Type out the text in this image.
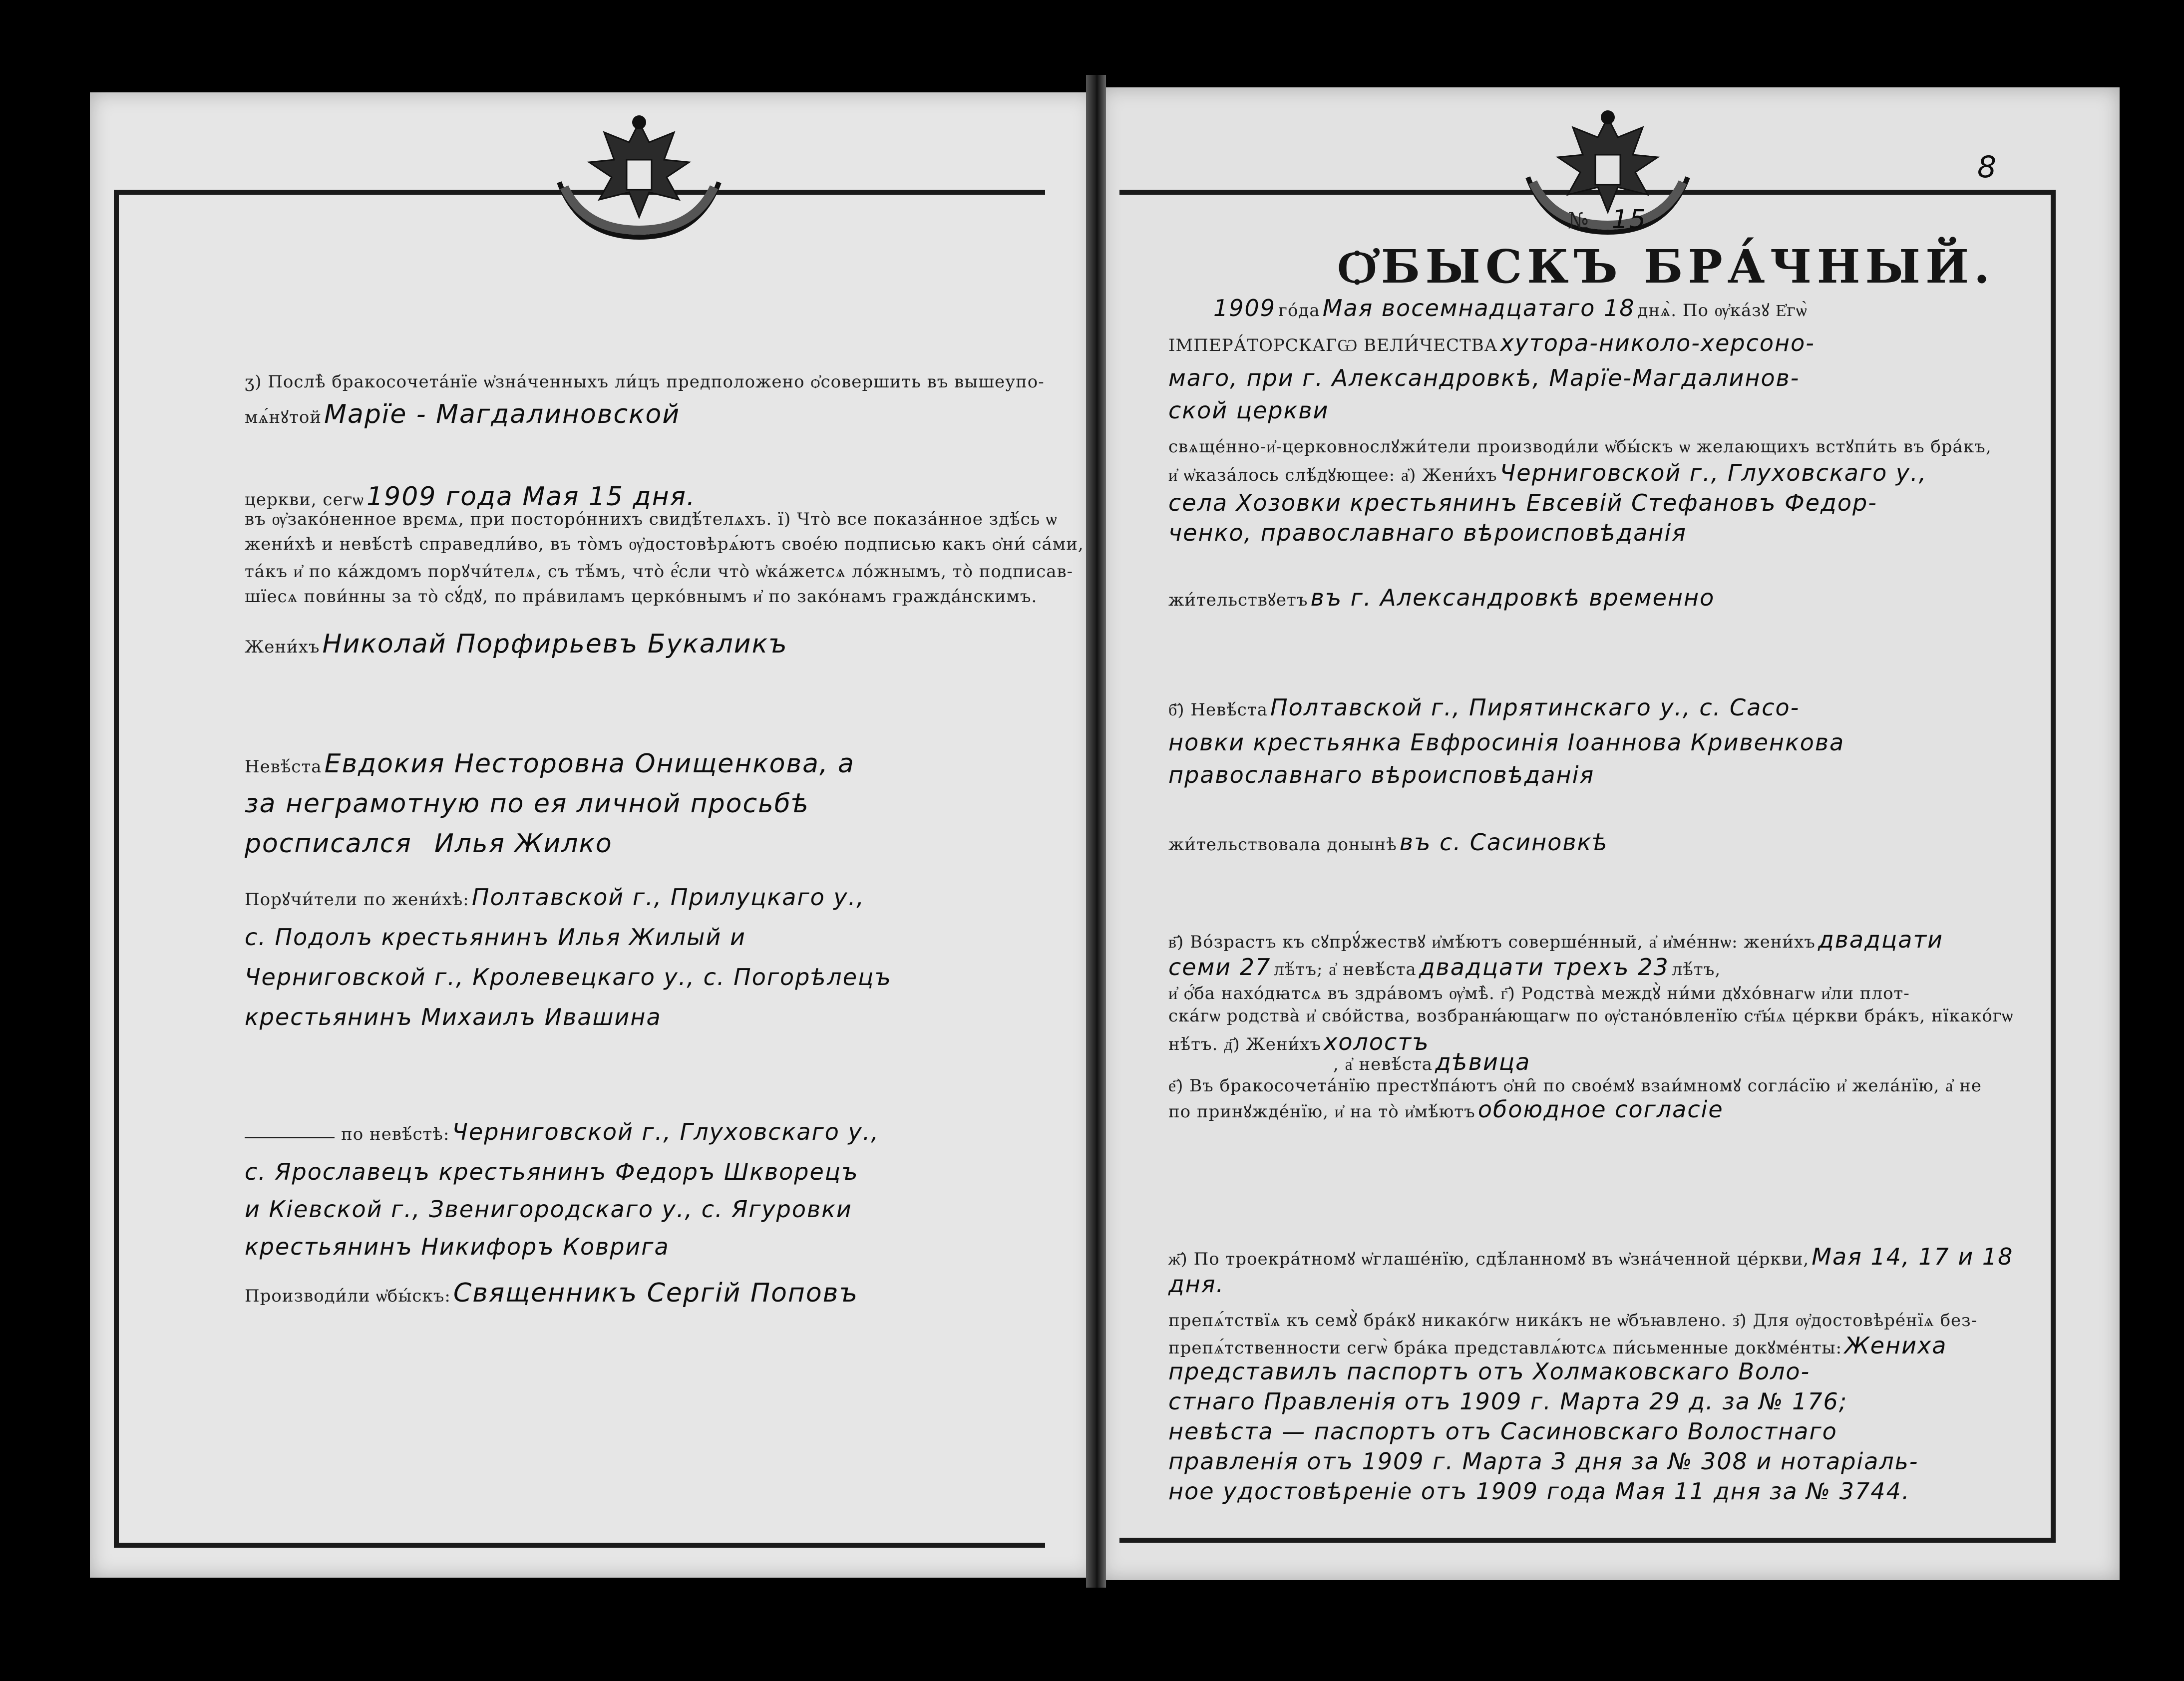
ӡ) Послѣ̀ бракосочета́нїе ѡ҆зна́ченныхъ ли́цъ предположено ѻ҆совершить въ вышеупо-
мѧ́нꙋтой Марїе - Магдалиновской
церкви, сегѡ 1909 года Мая 15 дня.
въ ѹ҆зако́ненное врємѧ, при посторо́ннихъ свидѣ́телѧхъ. ї) Что̀ все показа́нное здѣ́сь ѡ
жени́хѣ и невѣ́стѣ справедли́во, въ то̀мъ ѹ҆достовѣрѧ́ютъ свое́ю подписью какъ ѻ҆ни́ са́ми,
та́къ и҆ по ка́ждомъ порꙋчи́телѧ, съ тѣ́мъ, что̀ е҆́сли что̀ ѡ҆ка́жетсѧ ло́жнымъ, то̀ подписав-
шїесѧ пови́нны за то̀ сꙋ́дꙋ, по пра́виламъ церко́внымъ и҆ по зако́намъ гражда́нскимъ.
Жени́хъ Николай Порфирьевъ Букаликъ
Невѣ́ста Евдокия Несторовна Онищенкова, а
за неграмотную по ея личной просьбѣ
росписался Илья Жилко
Порꙋчи́тели по жени́хѣ: Полтавской г., Прилуцкаго у.,
с. Подолъ крестьянинъ Илья Жилый и
Черниговской г., Кролевецкаго у., с. Погорѣлецъ
крестьянинъ Михаилъ Ивашина
по невѣ́стѣ: Черниговской г., Глуховскаго у.,
с. Ярославецъ крестьянинъ Федоръ Шкворецъ
и Кіевской г., Звенигородскаго у., с. Ягуровки
крестьянинъ Никифоръ Коврига
Производи́ли ѡ҆бы́скъ: Священникъ Сергій Поповъ
8
№ 15
Ѻ҆БЫСКЪ БРА́ЧНЫЙ.
1909 го́да Мая восемнадцатаго 18 днѧ̀. По ѹ҆ка́зꙋ Е҆гѡ̀
ІМПЕРА́ТОРСКАГѠ ВЕЛИ́ЧЕСТВА хутора-николо-херсоно-
маго, при г. Александровкѣ, Марїе-Магдалинов-
ской церкви
свѧще́нно-и҆-церковнослꙋжи́тели производи́ли ѡ҆бы́скъ ѡ желающихъ встꙋпи́ть въ бра́къ,
и҆ ѡ҆каза́лось слѣ́дꙋющее: а҆) Жени́хъ Черниговской г., Глуховскаго у.,
села Хозовки крестьянинъ Евсевій Стефановъ Федор-
ченко, православнаго вѣроисповѣданія
жи́тельствꙋетъ въ г. Александровкѣ временно
б҃) Невѣ́ста Полтавской г., Пирятинскаго у., с. Сасо-
новки крестьянка Евфросинія Іоаннова Кривенкова
православнаго вѣроисповѣданія
жи́тельствовала донынѣ въ с. Сасиновкѣ
в҃) Во́зрастъ къ сꙋпрꙋ́жествꙋ и҆мѣ́ютъ соверше́нный, а҆ и҆ме́ннѡ: жени́хъ двадцати
семи 27 лѣ́тъ; а҆ невѣ́ста двадцати трехъ 23 лѣ́тъ,
и҆ ѻ҆́ба нахо́дꙗтсѧ въ здра́вомъ ѹ҆мѣ̀. г҃) Родства̀ междꙋ̀ ни́ми дꙋхо́внагѡ и҆ли плот-
ска́гѡ родства̀ и҆ сво́йства, возбранꙗ́ющагѡ по ѹ҆стано́вленїю ст҃ы́ѧ це́ркви бра́къ, нїкако́гѡ
нѣ́тъ. д҃) Жени́хъ холостъ
, а҆ невѣ́ста дѣвица
е҃) Въ бракосочета́нїю престꙋпа́ютъ ѻ҆ни̑ по свое́мꙋ взаи́мномꙋ согла́сїю и҆ жела́нїю, а҆ не
по принꙋжде́нїю, и҆ на то̀ и҆мѣ́ютъ обоюдное согласіе
ж҃) По троекра́тномꙋ ѡ҆глаше́нїю, сдѣ́ланномꙋ въ ѡ҆зна́ченной це́ркви, Мая 14, 17 и 18
дня.
препѧ́тствїѧ къ семꙋ̀ бра́кꙋ никако́гѡ ника́къ не ѡ҆бъꙗвлено. з҃) Для ѹ҆достовѣре́нїѧ без-
препѧ́тственности сегѡ̀ бра́ка представлѧ́ютсѧ пи́сьменные докꙋме́нты: Жениха
представилъ паспортъ отъ Холмаковскаго Воло-
стнаго Правленія отъ 1909 г. Марта 29 д. за № 176;
невѣста — паспортъ отъ Сасиновскаго Волостнаго
правленія отъ 1909 г. Марта 3 дня за № 308 и нотаріаль-
ное удостовѣреніе отъ 1909 года Мая 11 дня за № 3744.
